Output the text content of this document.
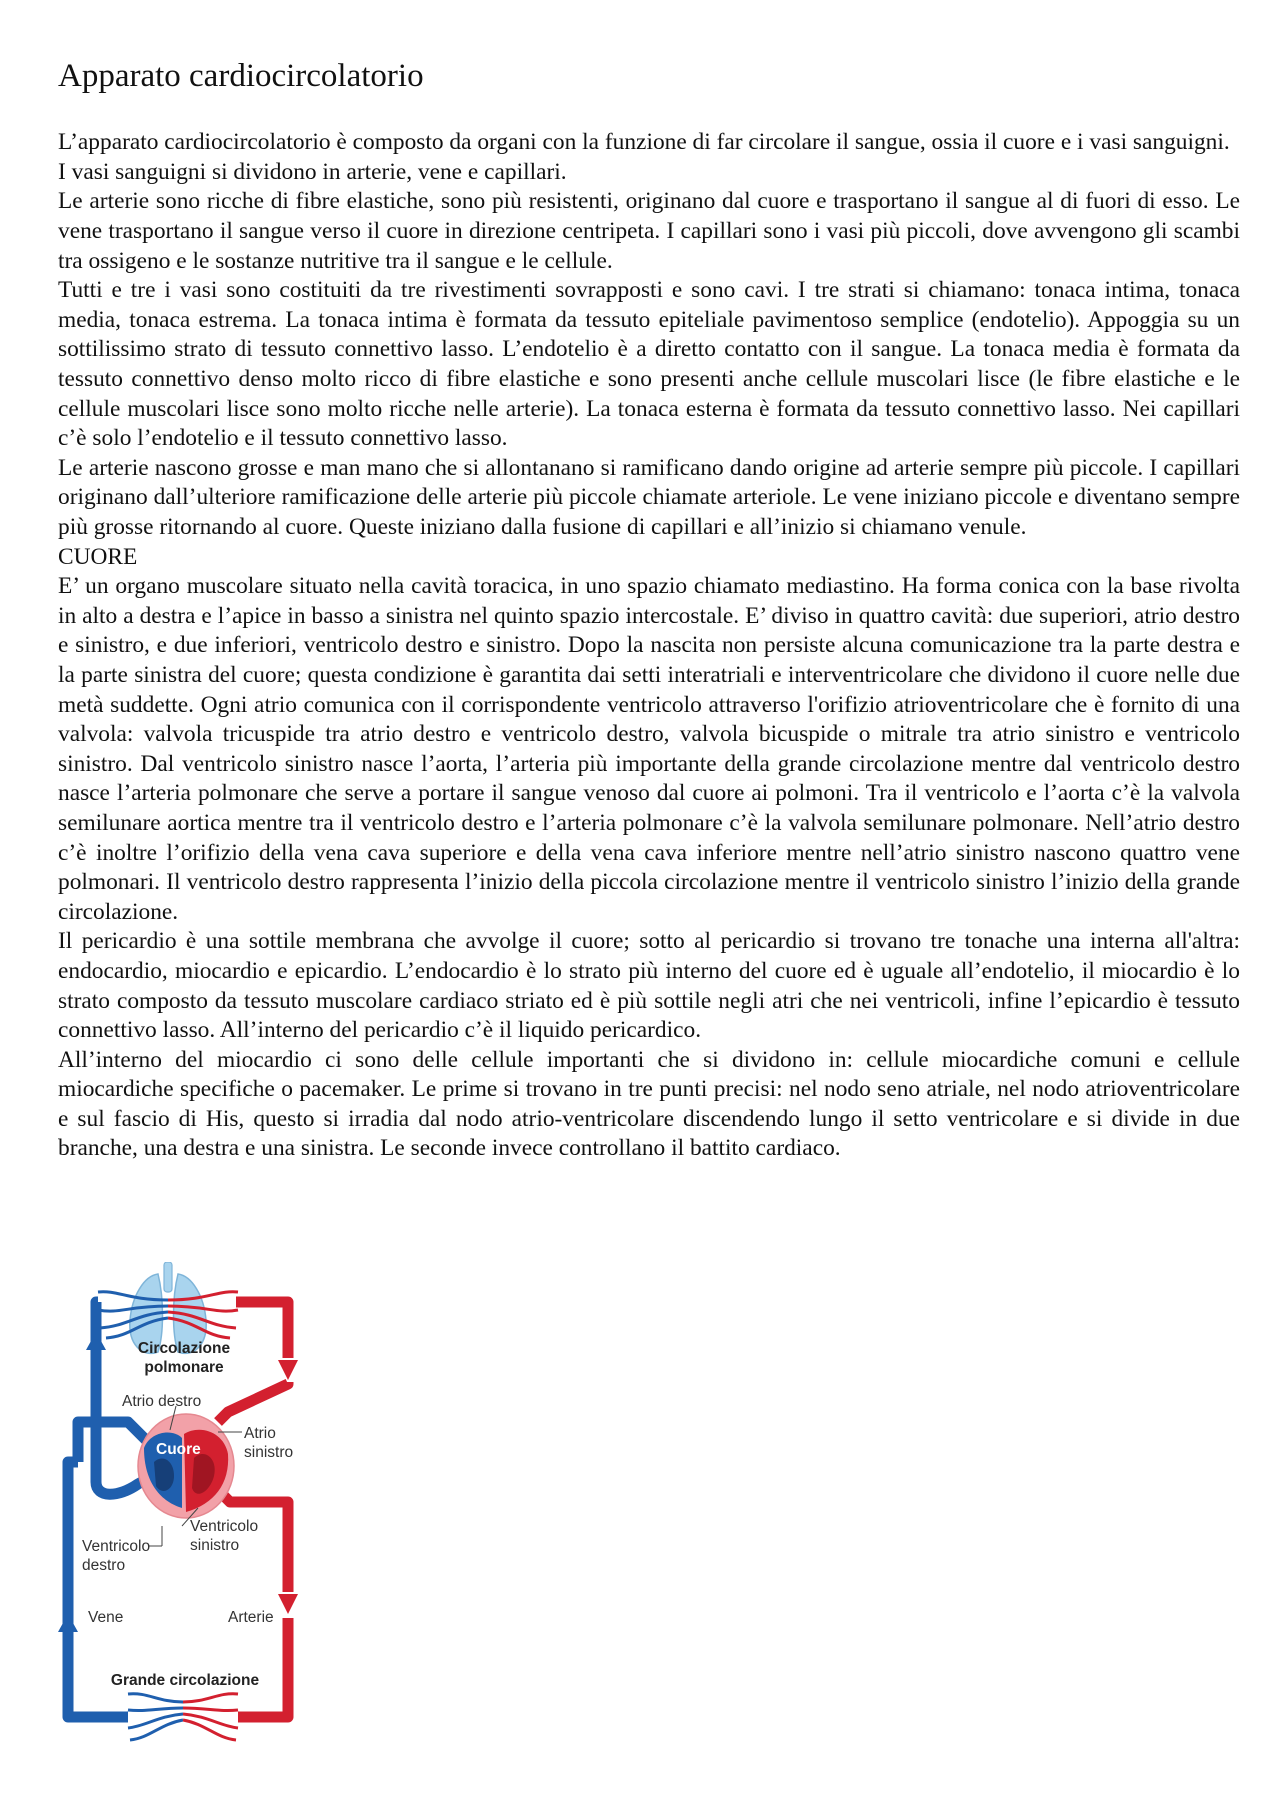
Apparato cardiocircolatorio

L’apparato cardiocircolatorio è composto da organi con la funzione di far circolare il sangue, ossia il cuore e i vasi sanguigni.

I vasi sanguigni si dividono in arterie, vene e capillari.

Le arterie sono ricche di fibre elastiche, sono più resistenti, originano dal cuore e trasportano il sangue al di fuori di esso. Le vene trasportano il sangue verso il cuore in direzione centripeta. I capillari sono i vasi più piccoli, dove avvengono gli scambi tra ossigeno e le sostanze nutritive tra il sangue e le cellule.

Tutti e tre i vasi sono costituiti da tre rivestimenti sovrapposti e sono cavi. I tre strati si chiamano: tonaca intima, tonaca media, tonaca estrema. La tonaca intima è formata da tessuto epiteliale pavimentoso semplice (endotelio). Appoggia su un sottilissimo strato di tessuto connettivo lasso. L’endotelio è a diretto contatto con il sangue. La tonaca media è formata da tessuto connettivo denso molto ricco di fibre elastiche e sono presenti anche cellule muscolari lisce (le fibre elastiche e le cellule muscolari lisce sono molto ricche nelle arterie). La tonaca esterna è formata da tessuto connettivo lasso. Nei capillari c’è solo l’endotelio e il tessuto connettivo lasso.

Le arterie nascono grosse e man mano che si allontanano si ramificano dando origine ad arterie sempre più piccole. I capillari originano dall’ulteriore ramificazione delle arterie più piccole chiamate arteriole. Le vene iniziano piccole e diventano sempre più grosse ritornando al cuore. Queste iniziano dalla fusione di capillari e all’inizio si chiamano venule.

CUORE

E’ un organo muscolare situato nella cavità toracica, in uno spazio chiamato mediastino. Ha forma conica con la base rivolta in alto a destra e l’apice in basso a sinistra nel quinto spazio intercostale. E’ diviso in quattro cavità: due superiori, atrio destro e sinistro, e due inferiori, ventricolo destro e sinistro. Dopo la nascita non persiste alcuna comunicazione tra la parte destra e la parte sinistra del cuore; questa condizione è garantita dai setti interatriali e interventricolare che dividono il cuore nelle due metà suddette. Ogni atrio comunica con il corrispondente ventricolo attraverso l'orifizio atrioventricolare che è fornito di una valvola: valvola tricuspide tra atrio destro e ventricolo destro, valvola bicuspide o mitrale tra atrio sinistro e ventricolo sinistro. Dal ventricolo sinistro nasce l’aorta, l’arteria più importante della grande circolazione mentre dal ventricolo destro nasce l’arteria polmonare che serve a portare il sangue venoso dal cuore ai polmoni. Tra il ventricolo e l’aorta c’è la valvola semilunare aortica mentre tra il ventricolo destro e l’arteria polmonare c’è la valvola semilunare polmonare. Nell’atrio destro c’è inoltre l’orifizio della vena cava superiore e della vena cava inferiore mentre nell’atrio sinistro nascono quattro vene polmonari. Il ventricolo destro rappresenta l’inizio della piccola circolazione mentre il ventricolo sinistro l’inizio della grande circolazione.

Il pericardio è una sottile membrana che avvolge il cuore; sotto al pericardio si trovano tre tonache una interna all'altra: endocardio, miocardio e epicardio. L’endocardio è lo strato più interno del cuore ed è uguale all’endotelio, il miocardio è lo strato composto da tessuto muscolare cardiaco striato ed è più sottile negli atri che nei ventricoli, infine l’epicardio è tessuto connettivo lasso. All’interno del pericardio c’è il liquido pericardico.

All’interno del miocardio ci sono delle cellule importanti che si dividono in: cellule miocardiche comuni e cellule miocardiche specifiche o pacemaker. Le prime si trovano in tre punti precisi: nel nodo seno atriale, nel nodo atrioventricolare e sul fascio di His, questo si irradia dal nodo atrio-ventricolare discendendo lungo il setto ventricolare e si divide in due branche, una destra e una sinistra. Le seconde invece controllano il battito cardiaco.

Circolazione
polmonare
Atrio destro
Cuore
Atrio
sinistro
Ventricolo
sinistro
Ventricolo
destro
Vene	Arterie
Grande circolazione
